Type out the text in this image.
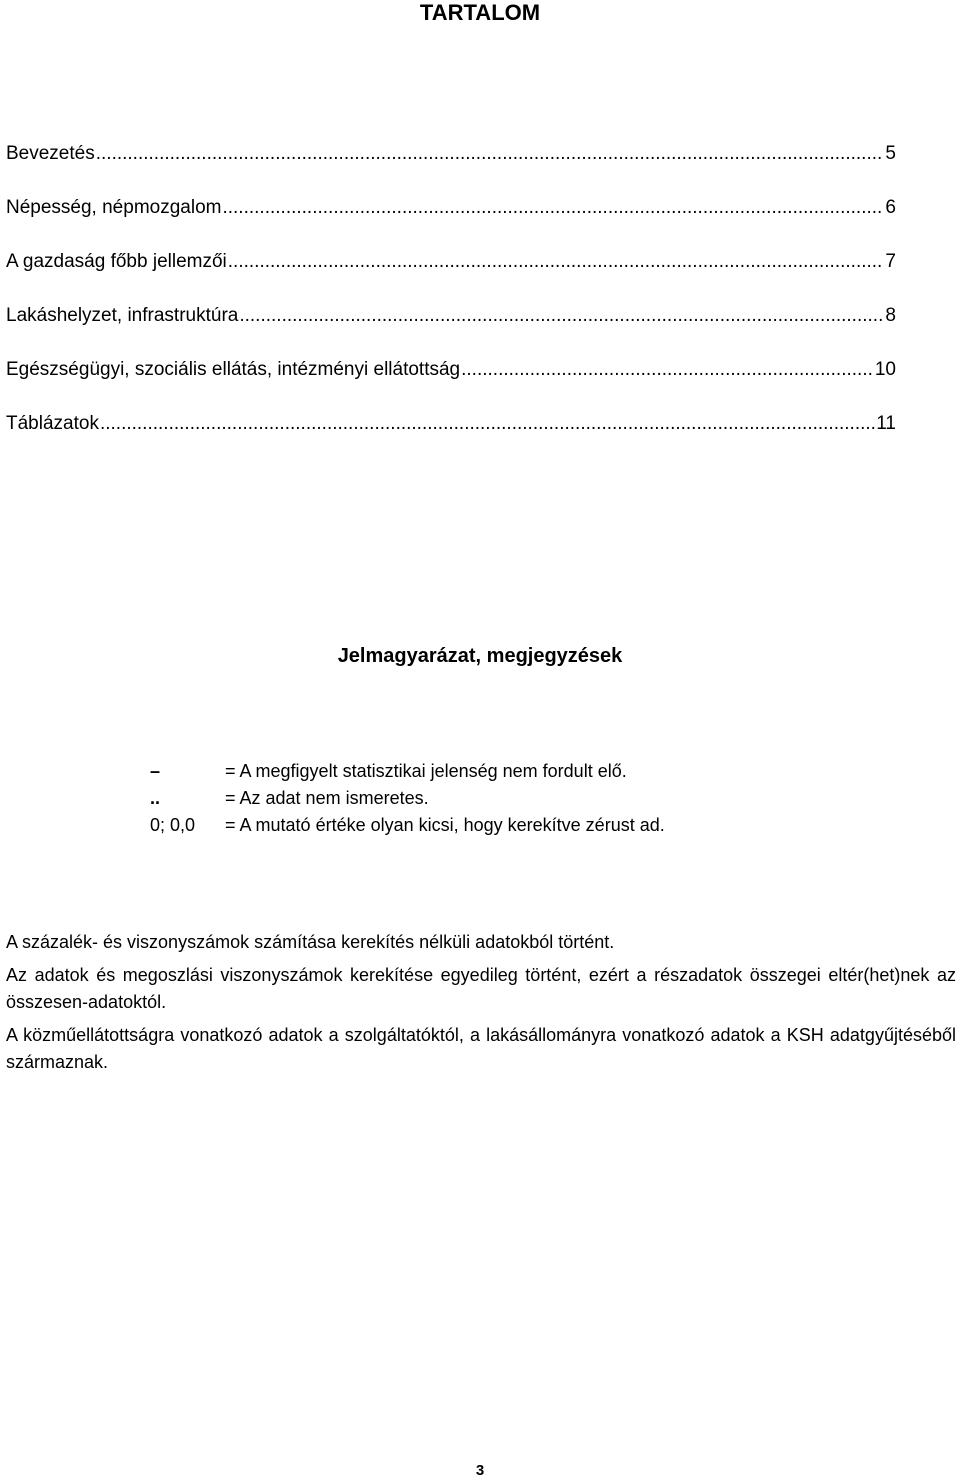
TARTALOM
Bevezetés .....	5
Népesség, népmozgalom .....	6
A gazdaság főbb jellemzői .....	7
Lakáshelyzet, infrastruktúra .....	8
Egészségügyi, szociális ellátás, intézményi ellátottság .....	10
Táblázatok .....	11
Jelmagyarázat, megjegyzések
–	= A megfigyelt statisztikai jelenség nem fordult elő.
..	= Az adat nem ismeretes.
0; 0,0	= A mutató értéke olyan kicsi, hogy kerekítve zérust ad.

A százalék- és viszonyszámok számítása kerekítés nélküli adatokból történt.

Az adatok és megoszlási viszonyszámok kerekítése egyedileg történt, ezért a részadatok összegei eltér(het)nek az összesen-adatoktól.

A közműellátottságra vonatkozó adatok a szolgáltatóktól, a lakásállományra vonatkozó adatok a KSH adatgyűjtéséből származnak.

3
